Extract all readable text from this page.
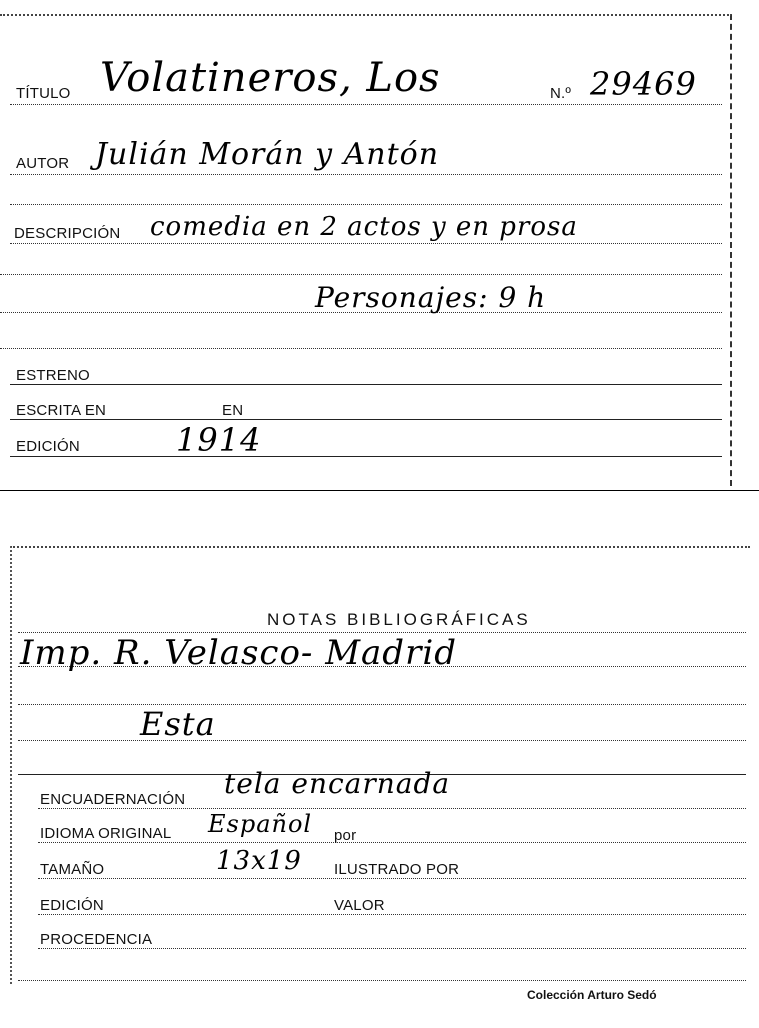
TÍTULO Volatineros, Los	N.º 29469
AUTOR Julián Morán y Antón
DESCRIPCIÓN comedia en 2 actos y en prosa
Personajes: 9 h
ESTRENO
ESCRITA EN	EN
EDICIÓN	1914
NOTAS BIBLIOGRÁFICAS
Imp. R. Velasco- Madrid
Esta
ENCUADERNACIÓN tela encarnada
IDIOMA ORIGINAL Español por
TAMAÑO	13x19 ILUSTRADO POR
EDICIÓN	VALOR
PROCEDENCIA
Colección Arturo Sedó
